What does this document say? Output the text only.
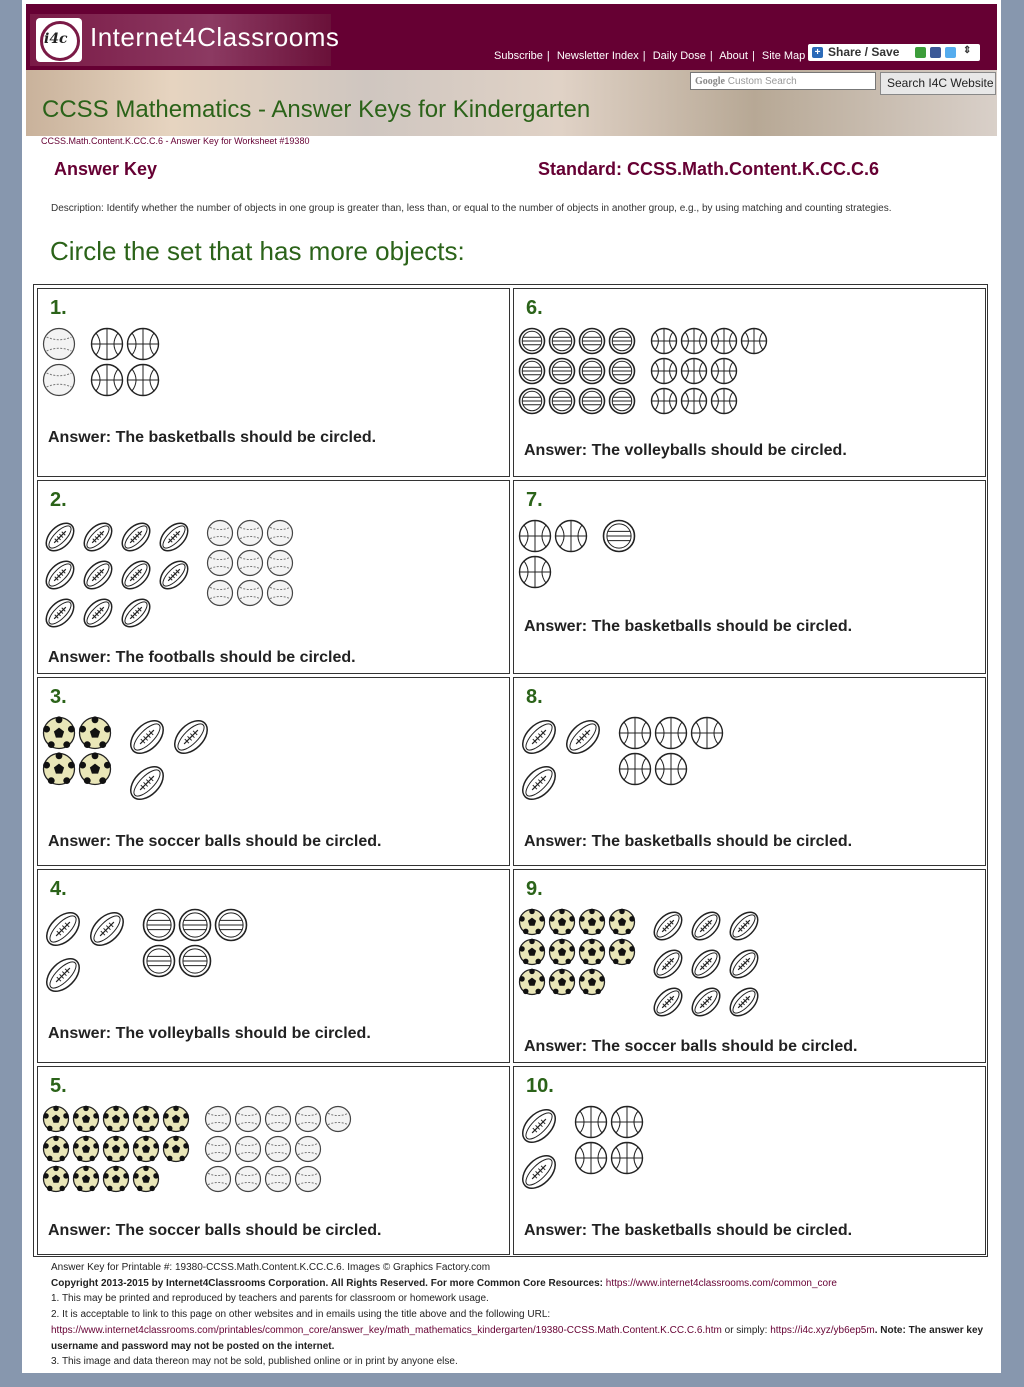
i4c Internet4Classrooms
Subscribe | Newsletter Index | Daily Dose | About | Site Map + Share / Save	⇕
CCSS Mathematics - Answer Keys for Kindergarten
Google Custom Search	Search I4C Website
CCSS.Math.Content.K.CC.C.6 - Answer Key for Worksheet #19380
Answer Key	Standard: CCSS.Math.Content.K.CC.C.6
Description: Identify whether the number of objects in one group is greater than, less than, or equal to the number of objects in another group, e.g., by using matching and counting strategies.
Circle the set that has more objects:
1.
Answer: The basketballs should be circled.
2.
Answer: The footballs should be circled.
3.
Answer: The soccer balls should be circled.
4.
Answer: The volleyballs should be circled.
5.
Answer: The soccer balls should be circled.
6.
Answer: The volleyballs should be circled.
7.
Answer: The basketballs should be circled.
8.
Answer: The basketballs should be circled.
9.
Answer: The soccer balls should be circled.
10.
Answer: The basketballs should be circled.
Answer Key for Printable #: 19380-CCSS.Math.Content.K.CC.C.6. Images © Graphics Factory.com
Copyright 2013-2015 by Internet4Classrooms Corporation. All Rights Reserved. For more Common Core Resources: https://www.internet4classrooms.com/common_core
1. This may be printed and reproduced by teachers and parents for classroom or homework usage.
2. It is acceptable to link to this page on other websites and in emails using the title above and the following URL:
https://www.internet4classrooms.com/printables/common_core/answer_key/math_mathematics_kindergarten/19380-CCSS.Math.Content.K.CC.C.6.htm or simply: https://i4c.xyz/yb6ep5m. Note: The answer key username and password may not be posted on the internet.
3. This image and data thereon may not be sold, published online or in print by anyone else.
